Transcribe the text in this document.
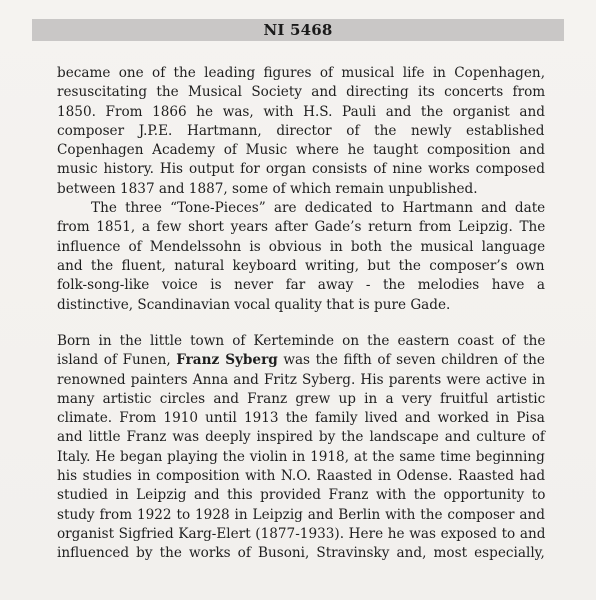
NI 5468
became one of the leading figures of musical life in Copenhagen,
resuscitating the Musical Society and directing its concerts from
1850. From 1866 he was, with H.S. Pauli and the organist and
composer J.P.E. Hartmann, director of the newly established
Copenhagen Academy of Music where he taught composition and
music history. His output for organ consists of nine works composed
between 1837 and 1887, some of which remain unpublished.
The three “Tone-Pieces” are dedicated to Hartmann and date
from 1851, a few short years after Gade’s return from Leipzig. The
influence of Mendelssohn is obvious in both the musical language
and the fluent, natural keyboard writing, but the composer’s own
folk-song-like voice is never far away - the melodies have a
distinctive, Scandinavian vocal quality that is pure Gade.
Born in the little town of Kerteminde on the eastern coast of the
island of Funen, Franz Syberg was the fifth of seven children of the
renowned painters Anna and Fritz Syberg. His parents were active in
many artistic circles and Franz grew up in a very fruitful artistic
climate. From 1910 until 1913 the family lived and worked in Pisa
and little Franz was deeply inspired by the landscape and culture of
Italy. He began playing the violin in 1918, at the same time beginning
his studies in composition with N.O. Raasted in Odense. Raasted had
studied in Leipzig and this provided Franz with the opportunity to
study from 1922 to 1928 in Leipzig and Berlin with the composer and
organist Sigfried Karg-Elert (1877-1933). Here he was exposed to and
influenced by the works of Busoni, Stravinsky and, most especially,
